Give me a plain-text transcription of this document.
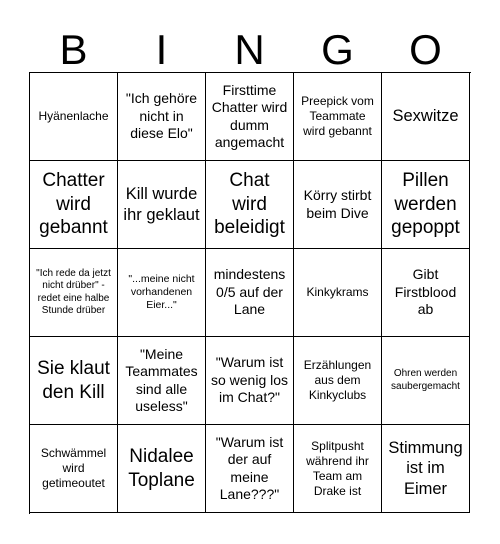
B	I	N	G	O
Hyänenlache
"Ich gehöre nicht in diese Elo"
Firsttime Chatter wird dumm angemacht
Preepick vom Teammate wird gebannt
Sexwitze
Chatter wird gebannt
Kill wurde ihr geklaut
Chat wird beleidigt
Körry stirbt beim Dive
Pillen werden gepoppt
"Ich rede da jetzt nicht drüber" - redet eine halbe Stunde drüber
"...meine nicht vorhandenen Eier..."
mindestens 0/5 auf der Lane
Kinkykrams
Gibt Firstblood ab
Sie klaut den Kill
"Meine Teammates sind alle useless"
"Warum ist so wenig los im Chat?"
Erzählungen aus dem Kinkyclubs
Ohren werden saubergemacht
Schwämmel wird getimeoutet
Nidalee Toplane
"Warum ist der auf meine Lane???"
Splitpusht während ihr Team am Drake ist
Stimmung ist im Eimer
